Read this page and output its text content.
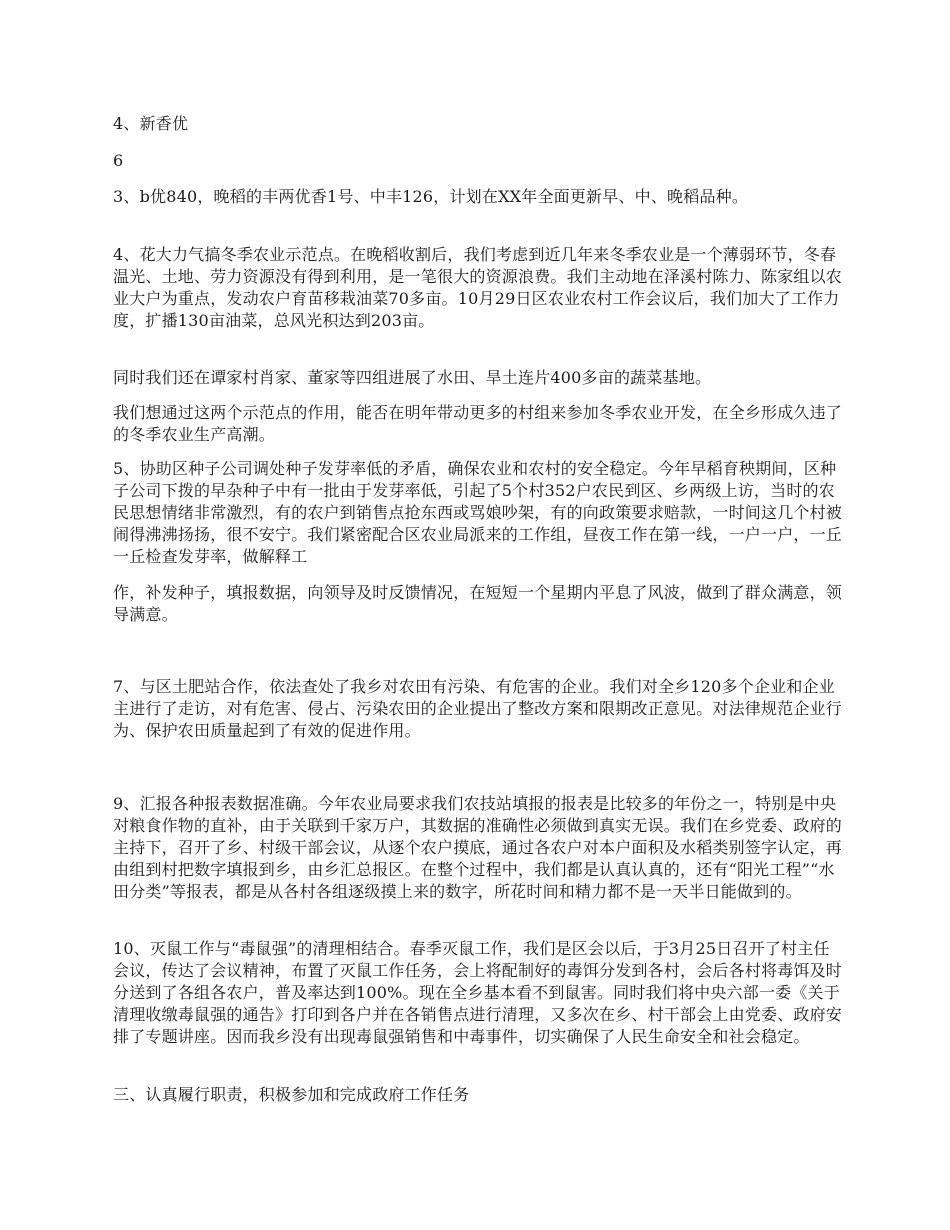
4、新香优

6

3、b优840，晚稻的丰两优香1号、中丰126，计划在XX年全面更新早、中、晚稻品种。

4、花大力气搞冬季农业示范点。在晚稻收割后，我们考虑到近几年来冬季农业是一个薄弱环节，冬春温光、土地、劳力资源没有得到利用，是一笔很大的资源浪费。我们主动地在泽溪村陈力、陈家组以农业大户为重点，发动农户育苗移栽油菜70多亩。10月29日区农业农村工作会议后，我们加大了工作力度，扩播130亩油菜，总风光积达到203亩。

同时我们还在谭家村肖家、董家等四组进展了水田、旱土连片400多亩的蔬菜基地。

我们想通过这两个示范点的作用，能否在明年带动更多的村组来参加冬季农业开发，在全乡形成久违了的冬季农业生产高潮。

5、协助区种子公司调处种子发芽率低的矛盾，确保农业和农村的安全稳定。今年早稻育秧期间，区种子公司下拨的早杂种子中有一批由于发芽率低，引起了5个村352户农民到区、乡两级上访，当时的农民思想情绪非常激烈，有的农户到销售点抢东西或骂娘吵架，有的向政策要求赔款，一时间这几个村被闹得沸沸扬扬，很不安宁。我们紧密配合区农业局派来的工作组，昼夜工作在第一线，一户一户，一丘一丘检查发芽率，做解释工

作，补发种子，填报数据，向领导及时反馈情况，在短短一个星期内平息了风波，做到了群众满意，领导满意。

7、与区土肥站合作，依法查处了我乡对农田有污染、有危害的企业。我们对全乡120多个企业和企业主进行了走访，对有危害、侵占、污染农田的企业提出了整改方案和限期改正意见。对法律规范企业行为、保护农田质量起到了有效的促进作用。

9、汇报各种报表数据准确。今年农业局要求我们农技站填报的报表是比较多的年份之一，特别是中央对粮食作物的直补，由于关联到千家万户，其数据的准确性必须做到真实无误。我们在乡党委、政府的主持下，召开了乡、村级干部会议，从逐个农户摸底，通过各农户对本户面积及水稻类别签字认定，再由组到村把数字填报到乡，由乡汇总报区。在整个过程中，我们都是认真认真的，还有“阳光工程”“水田分类”等报表，都是从各村各组逐级摸上来的数字，所花时间和精力都不是一天半日能做到的。

10、灭鼠工作与“毒鼠强”的清理相结合。春季灭鼠工作，我们是区会以后，于3月25日召开了村主任会议，传达了会议精神，布置了灭鼠工作任务，会上将配制好的毒饵分发到各村，会后各村将毒饵及时分送到了各组各农户，普及率达到100%。现在全乡基本看不到鼠害。同时我们将中央六部一委《关于清理收缴毒鼠强的通告》打印到各户并在各销售点进行清理，又多次在乡、村干部会上由党委、政府安排了专题讲座。因而我乡没有出现毒鼠强销售和中毒事件，切实确保了人民生命安全和社会稳定。

三、认真履行职责，积极参加和完成政府工作任务
